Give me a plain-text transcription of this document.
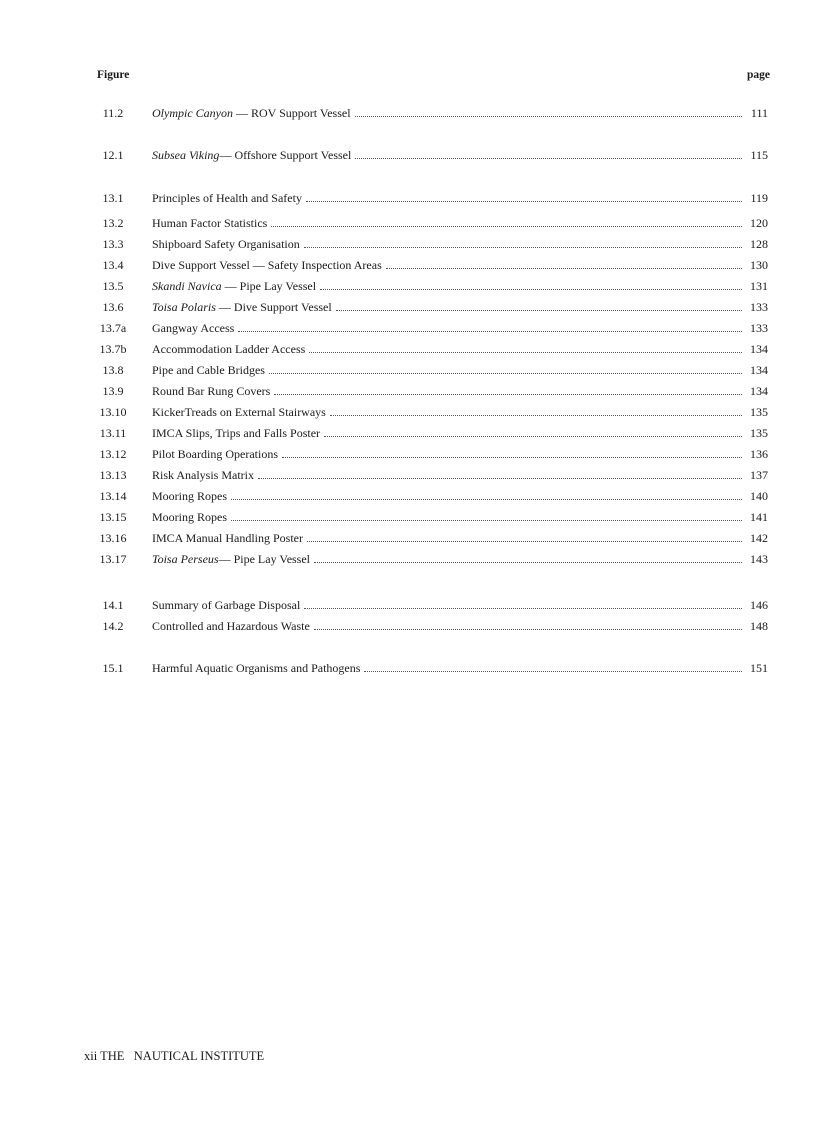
Figure	page
11.2	Olympic Canyon — ROV Support Vessel	111
12.1	Subsea Viking— Offshore Support Vessel	115
13.1	Principles of Health and Safety	119
13.2	Human Factor Statistics	120
13.3	Shipboard Safety Organisation	128
13.4	Dive Support Vessel — Safety Inspection Areas	130
13.5	Skandi Navica — Pipe Lay Vessel	131
13.6	Toisa Polaris — Dive Support Vessel	133
13.7a	Gangway Access	133
13.7b	Accommodation Ladder Access	134
13.8	Pipe and Cable Bridges	134
13.9	Round Bar Rung Covers	134
13.10	KickerTreads on External Stairways	135
13.11	IMCA Slips, Trips and Falls Poster	135
13.12	Pilot Boarding Operations	136
13.13	Risk Analysis Matrix	137
13.14	Mooring Ropes	140
13.15	Mooring Ropes	141
13.16	IMCA Manual Handling Poster	142
13.17	Toisa Perseus— Pipe Lay Vessel	143
14.1	Summary of Garbage Disposal	146
14.2	Controlled and Hazardous Waste	148
15.1	Harmful Aquatic Organisms and Pathogens	151
xii THE   NAUTICAL INSTITUTE
